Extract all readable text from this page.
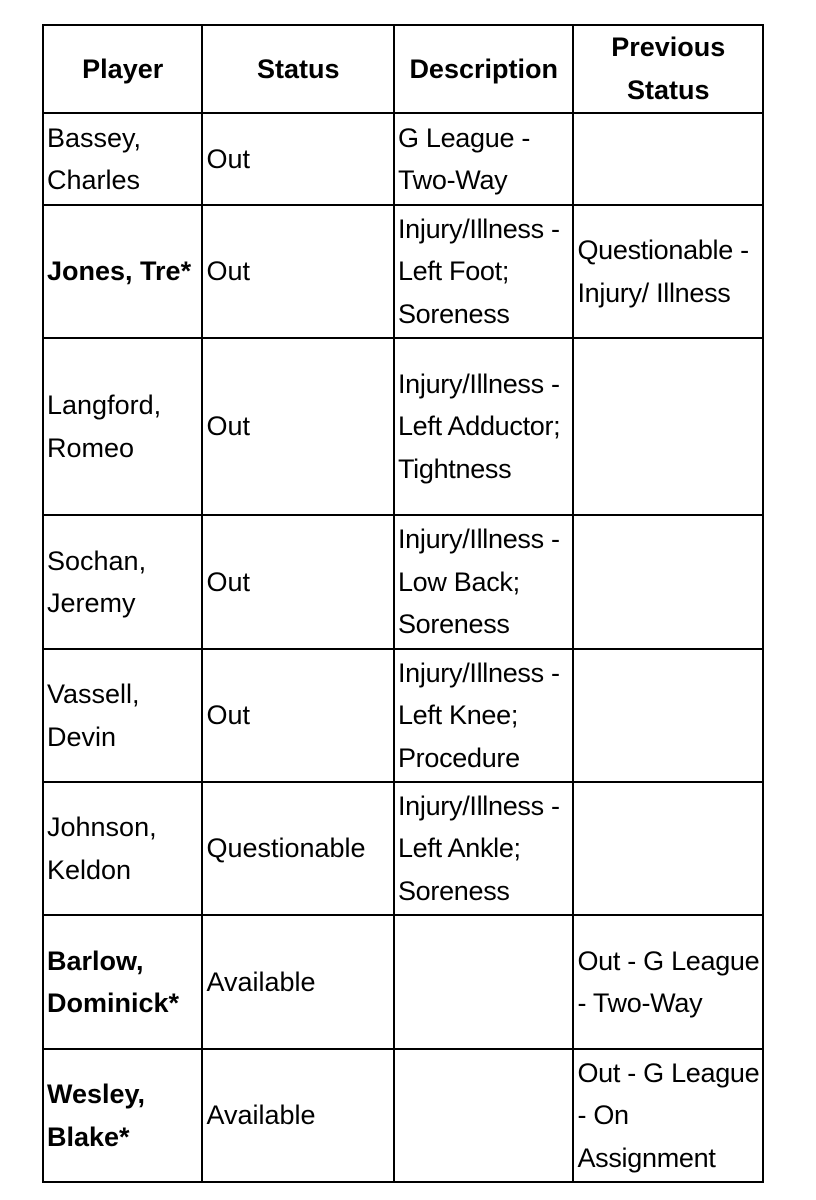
Player	Status	Description	Previous Status
Bassey, Charles	Out	G League - Two-Way	
Jones, Tre*	Out	Injury/Illness - Left Foot; Soreness	Questionable - Injury/ Illness
Langford, Romeo	Out	Injury/Illness - Left Adductor; Tightness	
Sochan, Jeremy	Out	Injury/Illness - Low Back; Soreness	
Vassell, Devin	Out	Injury/Illness - Left Knee; Procedure	
Johnson, Keldon	Questionable	Injury/Illness - Left Ankle; Soreness	
Barlow, Dominick*	Available		Out - G League - Two-Way
Wesley, Blake*	Available		Out - G League - On Assignment
